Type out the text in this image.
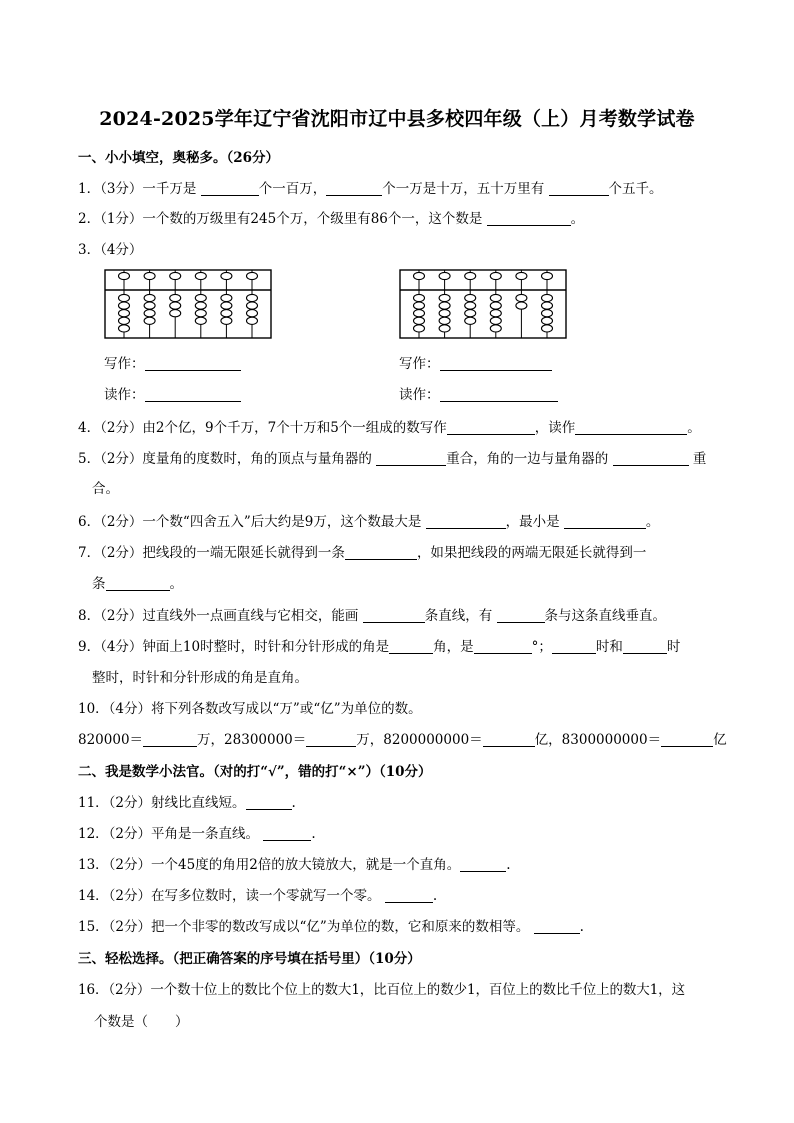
2024-2025学年辽宁省沈阳市辽中县多校四年级（上）月考数学试卷
一、小小填空，奥秘多。（26分）
1．（3分）一千万是	个一百万，	个一万是十万，五十万里有	个五千。
2．（1分）一个数的万级里有245个万，个级里有86个一，这个数是	。
3．（4分）
写作：
读作：
写作：
读作：
4．（2分）由2个亿，9个千万，7个十万和5个一组成的数写作	，读作	。
5．（2分）度量角的度数时，角的顶点与量角器的	重合，角的一边与量角器的	重
合。
6．（2分）一个数“四舍五入”后大约是9万，这个数最大是	，最小是	。
7．（2分）把线段的一端无限延长就得到一条	，如果把线段的两端无限延长就得到一
条	。
8．（2分）过直线外一点画直线与它相交，能画	条直线，有	条与这条直线垂直。
9．（4分）钟面上10时整时，时针和分针形成的角是	角，是	°；	时和	时
整时，时针和分针形成的角是直角。
10．（4分）将下列各数改写成以“万”或“亿”为单位的数。
820000＝	万，28300000＝	万，8200000000＝	亿，8300000000＝	亿
二、我是数学小法官。（对的打“√”，错的打“×”）（10分）
11．（2分）射线比直线短。	.
12．（2分）平角是一条直线。	.
13．（2分）一个45度的角用2倍的放大镜放大，就是一个直角。	.
14．（2分）在写多位数时，读一个零就写一个零。	.
15．（2分）把一个非零的数改写成以“亿”为单位的数，它和原来的数相等。	.
三、轻松选择。（把正确答案的序号填在括号里）（10分）
16．（2分）一个数十位上的数比个位上的数大1，比百位上的数少1，百位上的数比千位上的数大1，这
个数是（　　）
